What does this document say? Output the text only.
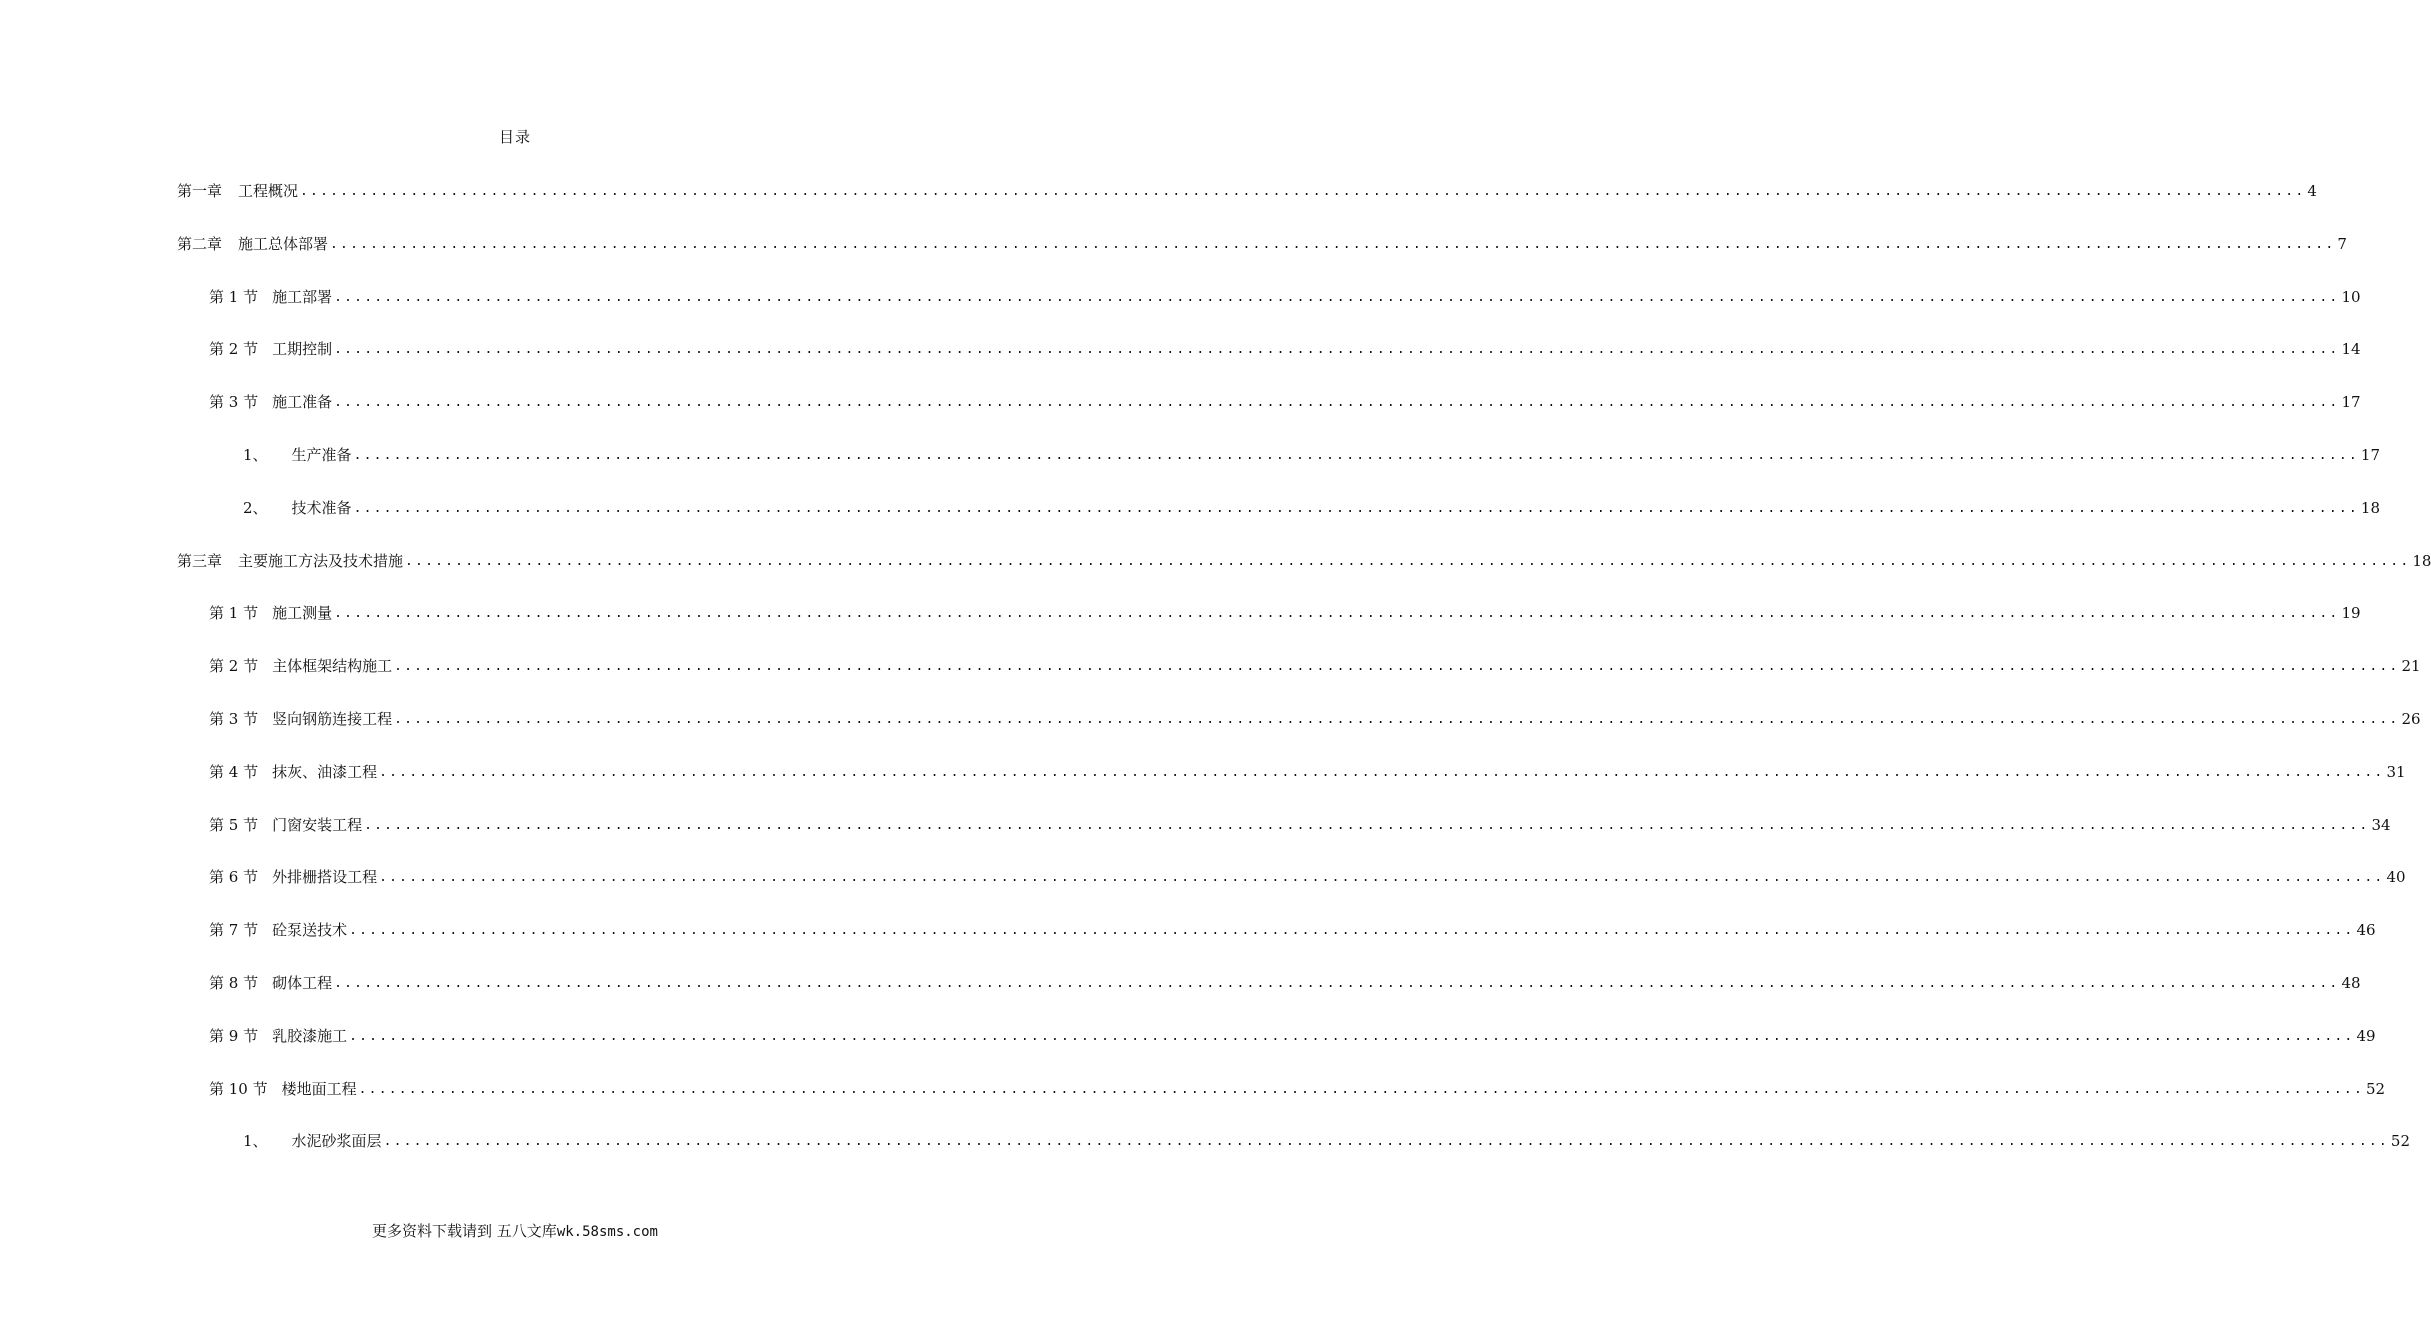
目录
第一章 工程概况 ........................................................................................................................................................................................................ 4
第二章 施工总体部署 ........................................................................................................................................................................................................ 7
第 1 节 施工部署 ........................................................................................................................................................................................................ 10
第 2 节 工期控制 ........................................................................................................................................................................................................ 14
第 3 节 施工准备 ........................................................................................................................................................................................................ 17
1、 生产准备 ........................................................................................................................................................................................................ 17
2、 技术准备 ........................................................................................................................................................................................................ 18
第三章 主要施工方法及技术措施 ........................................................................................................................................................................................................ 18
第 1 节 施工测量 ........................................................................................................................................................................................................ 19
第 2 节 主体框架结构施工 ........................................................................................................................................................................................................ 21
第 3 节 竖向钢筋连接工程 ........................................................................................................................................................................................................ 26
第 4 节 抹灰、油漆工程 ........................................................................................................................................................................................................ 31
第 5 节 门窗安装工程 ........................................................................................................................................................................................................ 34
第 6 节 外排栅搭设工程 ........................................................................................................................................................................................................ 40
第 7 节 砼泵送技术 ........................................................................................................................................................................................................ 46
第 8 节 砌体工程 ........................................................................................................................................................................................................ 48
第 9 节 乳胶漆施工 ........................................................................................................................................................................................................ 49
第 10 节 楼地面工程 ........................................................................................................................................................................................................ 52
1、 水泥砂浆面层 ........................................................................................................................................................................................................ 52
更多资料下载请到 五八文库wk.58sms.com
